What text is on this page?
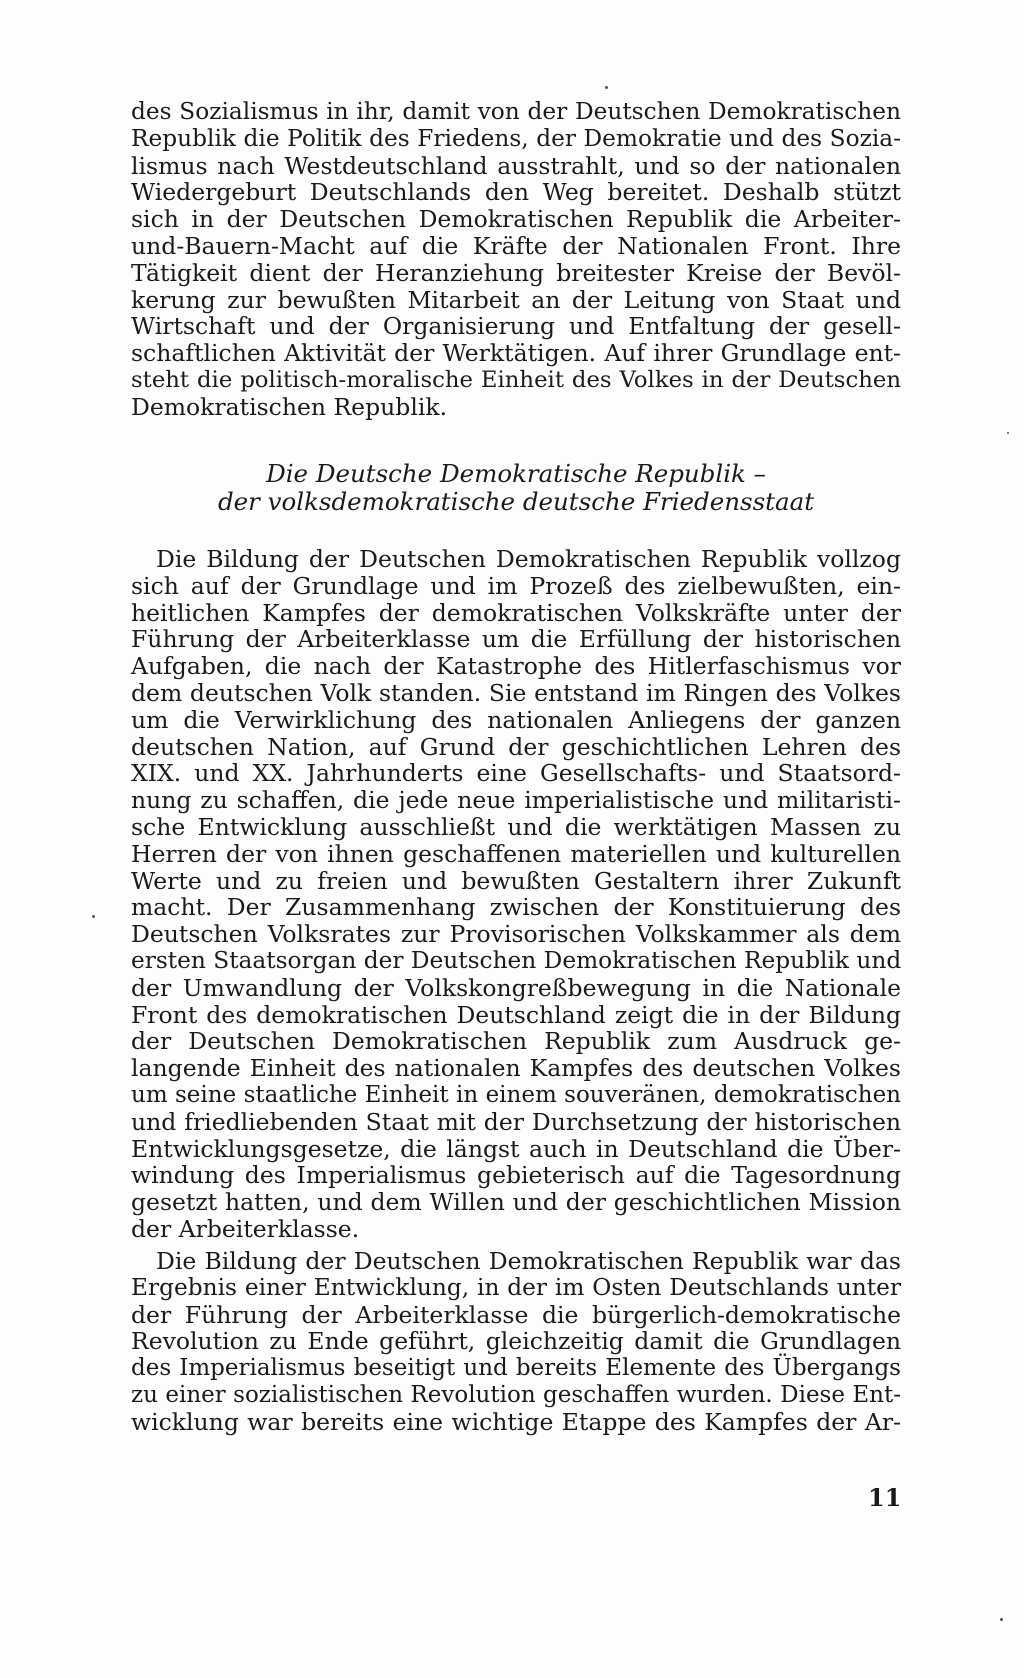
des Sozialismus in ihr, damit von der Deutschen Demokratischen
Republik die Politik des Friedens, der Demokratie und des Sozia-
lismus nach Westdeutschland ausstrahlt, und so der nationalen
Wiedergeburt Deutschlands den Weg bereitet. Deshalb stützt
sich in der Deutschen Demokratischen Republik die Arbeiter-
und-Bauern-Macht auf die Kräfte der Nationalen Front. Ihre
Tätigkeit dient der Heranziehung breitester Kreise der Bevöl-
kerung zur bewußten Mitarbeit an der Leitung von Staat und
Wirtschaft und der Organisierung und Entfaltung der gesell-
schaftlichen Aktivität der Werktätigen. Auf ihrer Grundlage ent-
steht die politisch-moralische Einheit des Volkes in der Deutschen
Demokratischen Republik.
Die Deutsche Demokratische Republik –
der volksdemokratische deutsche Friedensstaat
Die Bildung der Deutschen Demokratischen Republik vollzog
sich auf der Grundlage und im Prozeß des zielbewußten, ein-
heitlichen Kampfes der demokratischen Volkskräfte unter der
Führung der Arbeiterklasse um die Erfüllung der historischen
Aufgaben, die nach der Katastrophe des Hitlerfaschismus vor
dem deutschen Volk standen. Sie entstand im Ringen des Volkes
um die Verwirklichung des nationalen Anliegens der ganzen
deutschen Nation, auf Grund der geschichtlichen Lehren des
XIX. und XX. Jahrhunderts eine Gesellschafts- und Staatsord-
nung zu schaffen, die jede neue imperialistische und militaristi-
sche Entwicklung ausschließt und die werktätigen Massen zu
Herren der von ihnen geschaffenen materiellen und kulturellen
Werte und zu freien und bewußten Gestaltern ihrer Zukunft
macht. Der Zusammenhang zwischen der Konstituierung des
Deutschen Volksrates zur Provisorischen Volkskammer als dem
ersten Staatsorgan der Deutschen Demokratischen Republik und
der Umwandlung der Volkskongreßbewegung in die Nationale
Front des demokratischen Deutschland zeigt die in der Bildung
der Deutschen Demokratischen Republik zum Ausdruck ge-
langende Einheit des nationalen Kampfes des deutschen Volkes
um seine staatliche Einheit in einem souveränen, demokratischen
und friedliebenden Staat mit der Durchsetzung der historischen
Entwicklungsgesetze, die längst auch in Deutschland die Über-
windung des Imperialismus gebieterisch auf die Tagesordnung
gesetzt hatten, und dem Willen und der geschichtlichen Mission
der Arbeiterklasse.
Die Bildung der Deutschen Demokratischen Republik war das
Ergebnis einer Entwicklung, in der im Osten Deutschlands unter
der Führung der Arbeiterklasse die bürgerlich-demokratische
Revolution zu Ende geführt, gleichzeitig damit die Grundlagen
des Imperialismus beseitigt und bereits Elemente des Übergangs
zu einer sozialistischen Revolution geschaffen wurden. Diese Ent-
wicklung war bereits eine wichtige Etappe des Kampfes der Ar-
11
